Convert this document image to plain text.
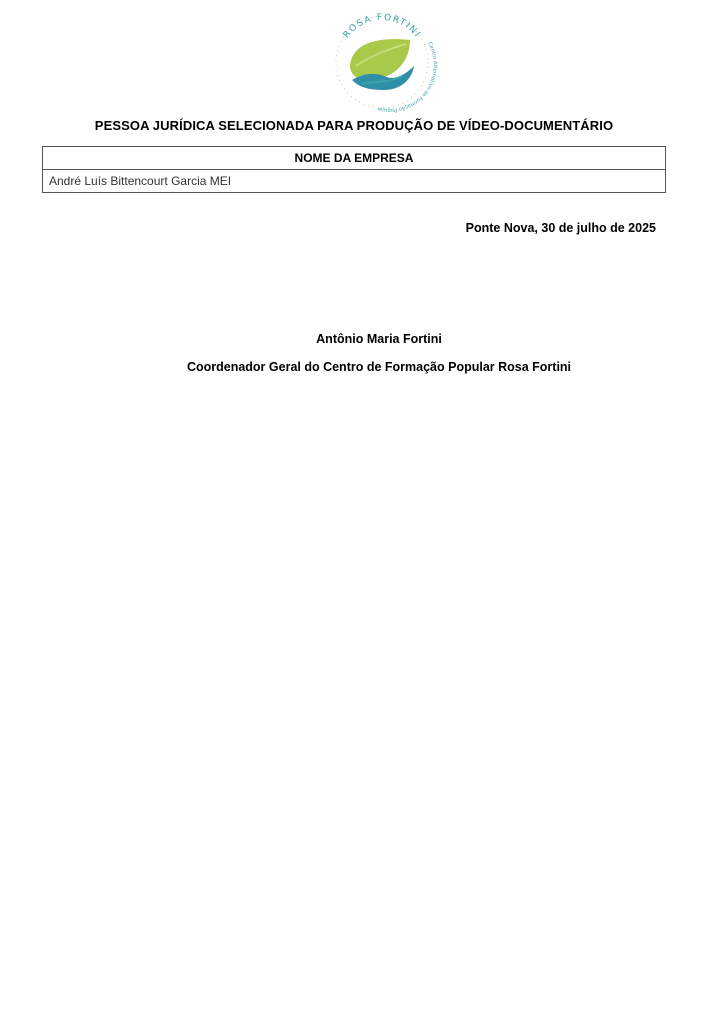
ROSA FORTINI
Centro Alternativo de Formação Popular
PESSOA JURÍDICA SELECIONADA PARA PRODUÇÃO DE VÍDEO-DOCUMENTÁRIO
NOME DA EMPRESA
André Luís Bittencourt Garcia MEI
Ponte Nova, 30 de julho de 2025
Antônio Maria Fortini
Coordenador Geral do Centro de Formação Popular Rosa Fortini
